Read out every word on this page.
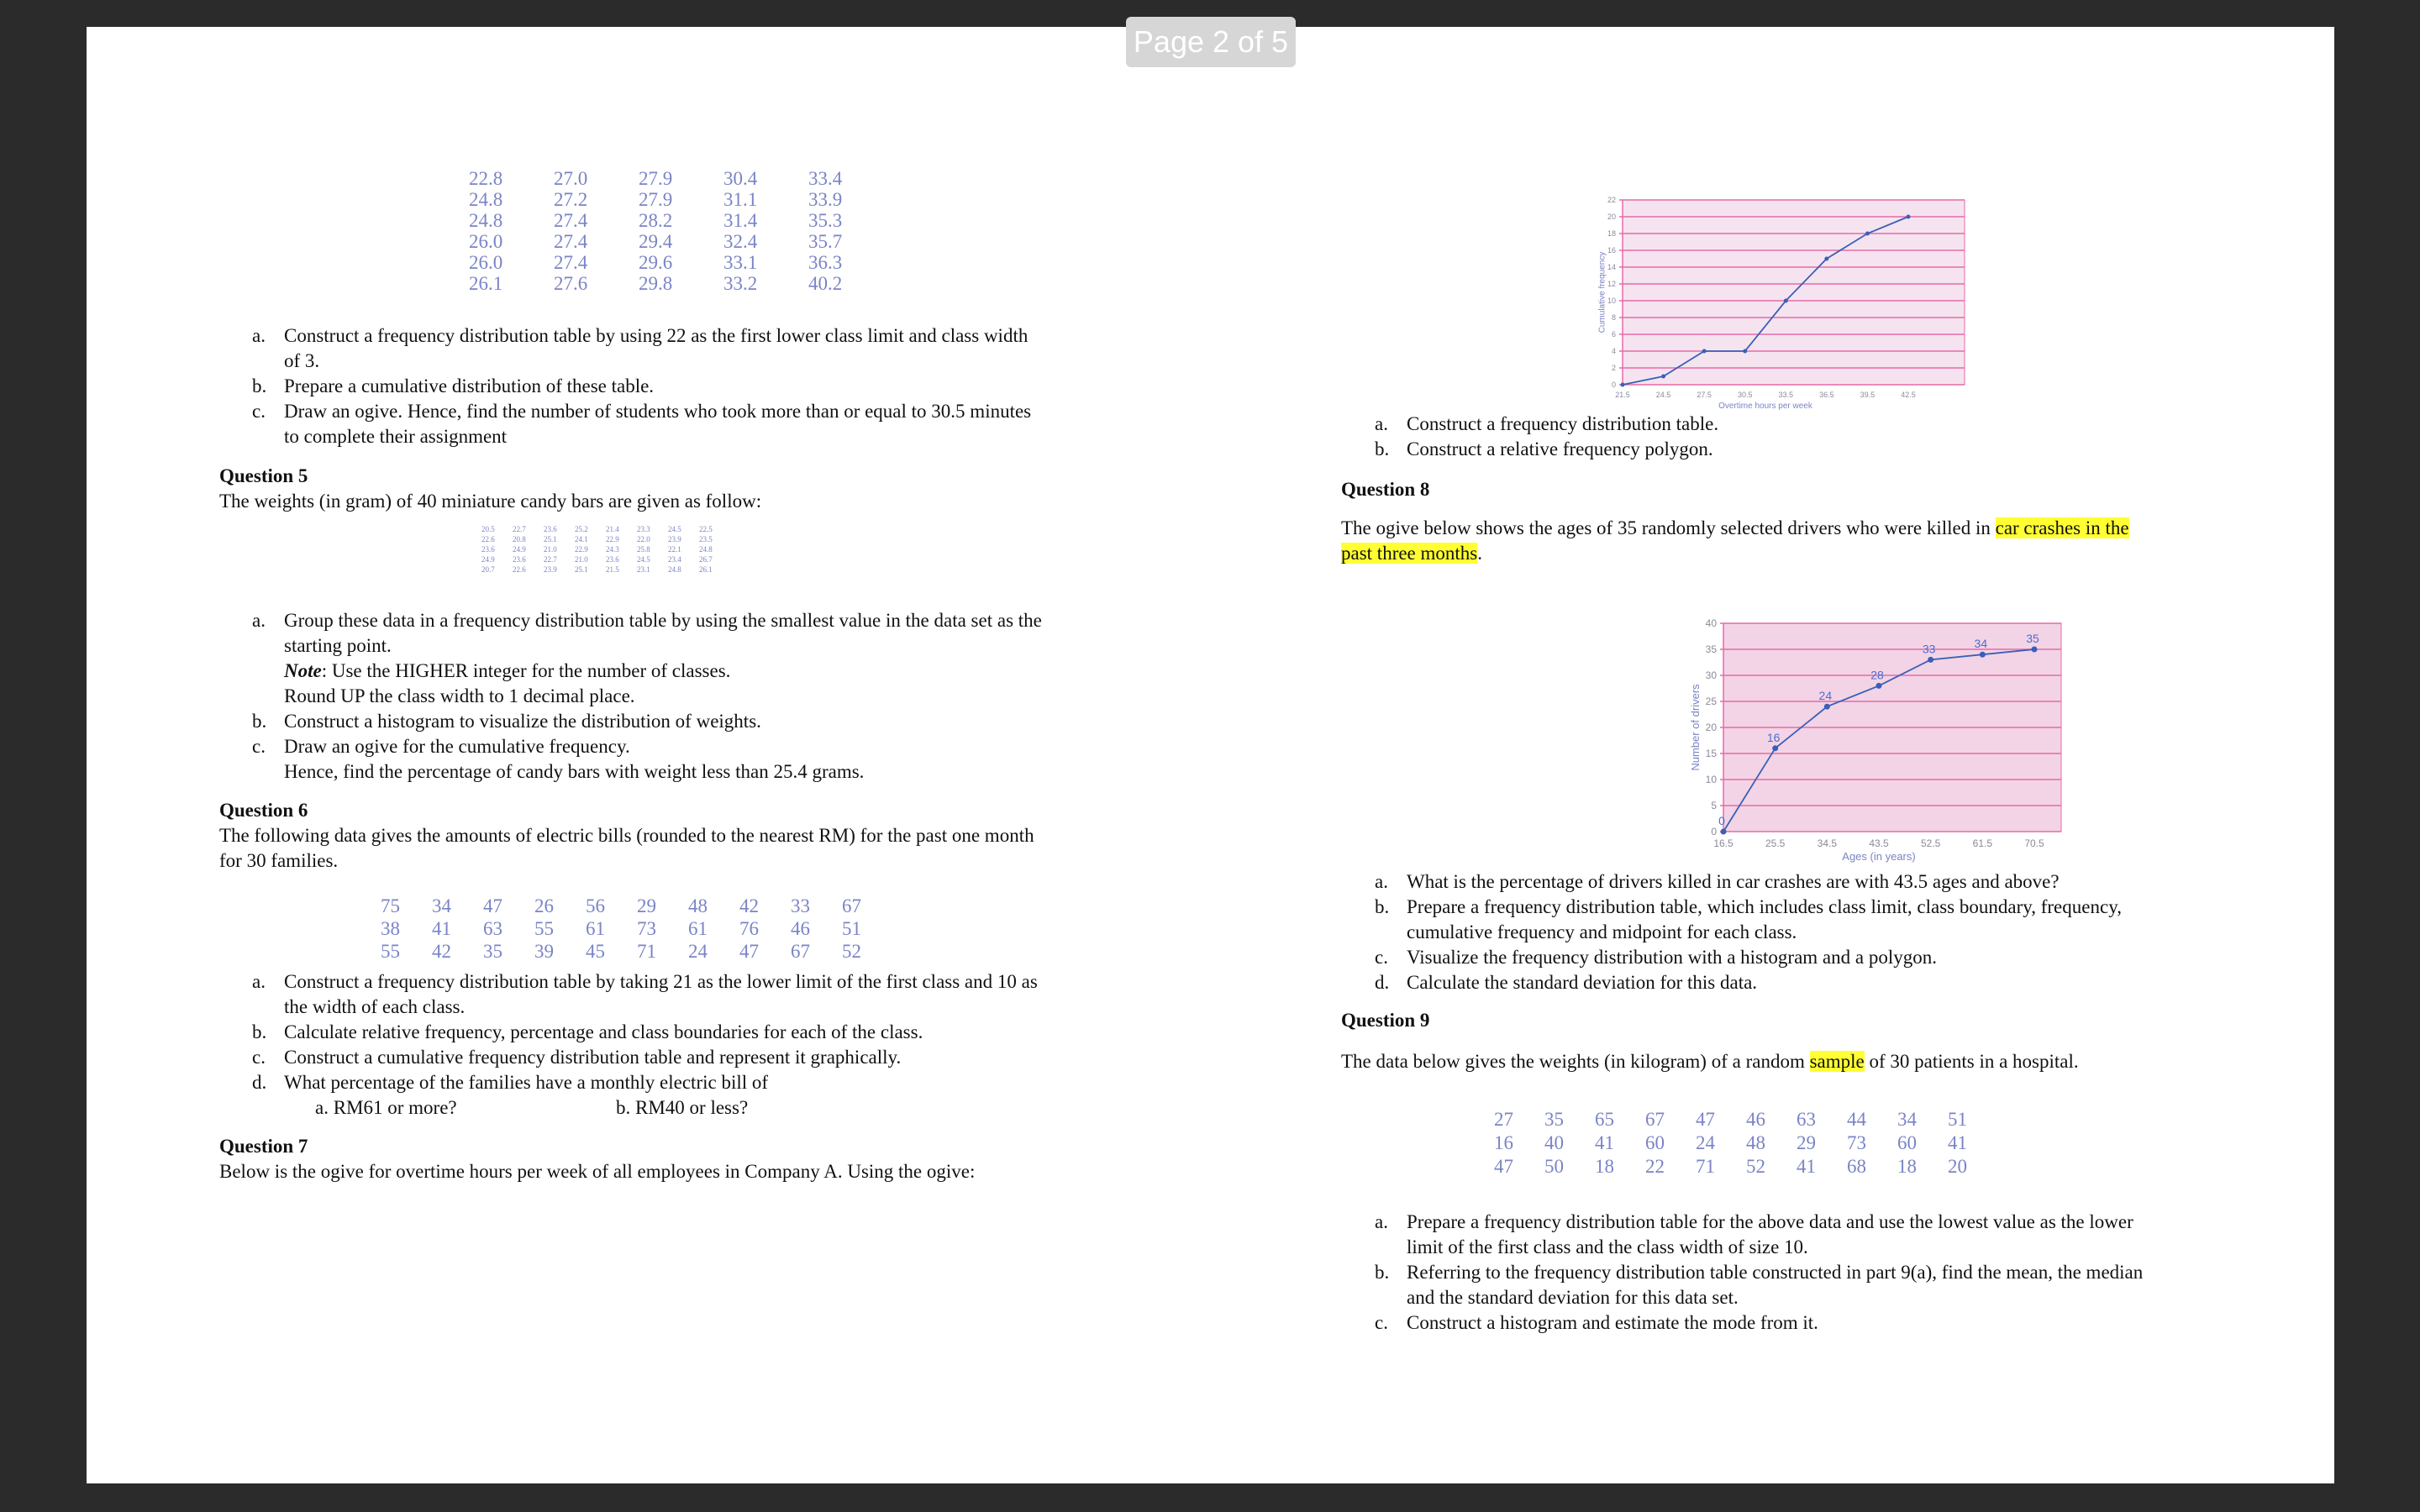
22.8	27.0	27.9	30.4	33.4
24.8	27.2	27.9	31.1	33.9
24.8	27.4	28.2	31.4	35.3
26.0	27.4	29.4	32.4	35.7
26.0	27.4	29.6	33.1	36.3
26.1	27.6	29.8	33.2	40.2
a. Construct a frequency distribution table by using 22 as the first lower class limit and class width
of 3.
b. Prepare a cumulative distribution of these table.
c. Draw an ogive. Hence, find the number of students who took more than or equal to 30.5 minutes
to complete their assignment
Question 5
The weights (in gram) of 40 miniature candy bars are given as follow:
20.5	22.7	23.6	25.2	21.4	23.3	24.5	22.5
22.6	20.8	25.1	24.1	22.9	22.0	23.9	23.5
23.6	24.9	21.0	22.9	24.3	25.8	22.1	24.8
24.9	23.6	22.7	21.0	23.6	24.5	23.4	26.7
20.7	22.6	23.9	25.1	21.5	23.1	24.8	26.1
a. Group these data in a frequency distribution table by using the smallest value in the data set as the
starting point.
Note: Use the HIGHER integer for the number of classes.
Round UP the class width to 1 decimal place.
b. Construct a histogram to visualize the distribution of weights.
c. Draw an ogive for the cumulative frequency.
Hence, find the percentage of candy bars with weight less than 25.4 grams.
Question 6
The following data gives the amounts of electric bills (rounded to the nearest RM) for the past one month
for 30 families.
75	34	47	26	56	29	48	42	33	67
38	41	63	55	61	73	61	76	46	51
55	42	35	39	45	71	24	47	67	52
a. Construct a frequency distribution table by taking 21 as the lower limit of the first class and 10 as
the width of each class.
b. Calculate relative frequency, percentage and class boundaries for each of the class.
c. Construct a cumulative frequency distribution table and represent it graphically.
d. What percentage of the families have a monthly electric bill of
a. RM61 or more?	b. RM40 or less?
Question 7
Below is the ogive for overtime hours per week of all employees in Company A. Using the ogive:
0
2
4
6
8
10
12
14
16
18
20
22
21.5	24.5	27.5	30.5	33.5	36.5	39.5	42.5
Overtime hours per week
Cumulative frequency
a. Construct a frequency distribution table.
b. Construct a relative frequency polygon.
Question 8
The ogive below shows the ages of 35 randomly selected drivers who were killed in car crashes in the
past three months.
0
5
10
15
20
25
30
35
40
16.5	25.5	34.5	43.5	52.5	61.5	70.5
Ages (in years)
Number of drivers
0
16
24
28
33	34	35
a. What is the percentage of drivers killed in car crashes are with 43.5 ages and above?
b. Prepare a frequency distribution table, which includes class limit, class boundary, frequency,
cumulative frequency and midpoint for each class.
c. Visualize the frequency distribution with a histogram and a polygon.
d. Calculate the standard deviation for this data.
Question 9
The data below gives the weights (in kilogram) of a random sample of 30 patients in a hospital.
27	35	65	67	47	46	63	44	34	51
16	40	41	60	24	48	29	73	60	41
47	50	18	22	71	52	41	68	18	20
a. Prepare a frequency distribution table for the above data and use the lowest value as the lower
limit of the first class and the class width of size 10.
b. Referring to the frequency distribution table constructed in part 9(a), find the mean, the median
and the standard deviation for this data set.
c. Construct a histogram and estimate the mode from it.
Page 2 of 5
